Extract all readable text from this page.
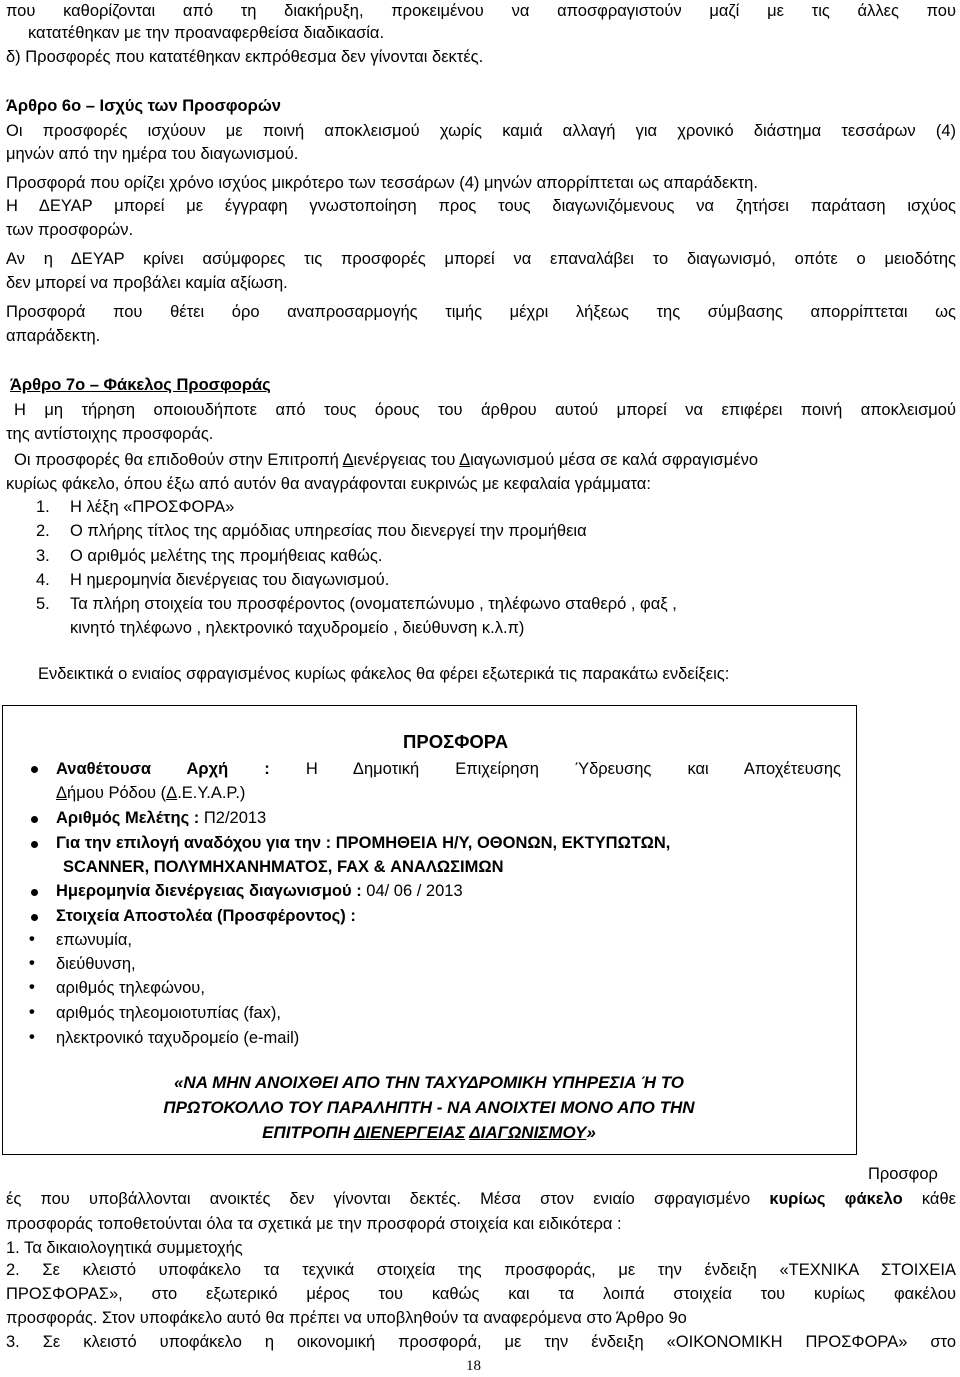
που καθορίζονται από τη διακήρυξη, προκειμένου να αποσφραγιστούν μαζί με τις άλλες που
κατατέθηκαν με την προαναφερθείσα διαδικασία.
δ) Προσφορές που κατατέθηκαν εκπρόθεσμα δεν γίνονται δεκτές.
Άρθρο 6ο – Ισχύς των Προσφορών
Οι προσφορές ισχύουν με ποινή αποκλεισμού χωρίς καμιά αλλαγή για χρονικό διάστημα τεσσάρων (4)
μηνών από την ημέρα του διαγωνισμού.
Προσφορά που ορίζει χρόνο ισχύος μικρότερο των τεσσάρων (4) μηνών απορρίπτεται ως απαράδεκτη.
Η ΔΕΥΑΡ μπορεί με έγγραφη γνωστοποίηση προς τους διαγωνιζόμενους να ζητήσει παράταση ισχύος
των προσφορών.
Αν η ΔΕΥΑΡ κρίνει ασύμφορες τις προσφορές μπορεί να επαναλάβει το διαγωνισμό, οπότε ο μειοδότης
δεν μπορεί να προβάλει καμία αξίωση.
Προσφορά που θέτει όρο αναπροσαρμογής τιμής μέχρι λήξεως της σύμβασης απορρίπτεται ως
απαράδεκτη.
Άρθρο 7ο – Φάκελος Προσφοράς
Η μη τήρηση οποιουδήποτε από τους όρους του άρθρου αυτού μπορεί να επιφέρει ποινή αποκλεισμού
της αντίστοιχης προσφοράς.
Οι προσφορές θα επιδοθούν στην Επιτροπή Διενέργειας του Διαγωνισμού μέσα σε καλά σφραγισμένο
κυρίως φάκελο, όπου έξω από αυτόν θα αναγράφονται ευκρινώς με κεφαλαία γράμματα:
1. Η λέξη «ΠΡΟΣΦΟΡΑ»
2. Ο πλήρης τίτλος της αρμόδιας υπηρεσίας που διενεργεί την προμήθεια
3. Ο αριθμός μελέτης της προμήθειας καθώς.
4. Η ημερομηνία διενέργειας του διαγωνισμού.
5. Τα πλήρη στοιχεία του προσφέροντος (ονοματεπώνυμο , τηλέφωνο σταθερό , φαξ ,
κινητό τηλέφωνο , ηλεκτρονικό ταχυδρομείο , διεύθυνση κ.λ.π)
Ενδεικτικά ο ενιαίος σφραγισμένος κυρίως φάκελος θα φέρει εξωτερικά τις παρακάτω ενδείξεις:
ΠΡΟΣΦΟΡΑ
Αναθέτουσα Αρχή : Η Δημοτική Επιχείρηση Ύδρευσης και Αποχέτευσης
Δήμου Ρόδου (Δ.Ε.Υ.Α.Ρ.)
Αριθμός Μελέτης : Π2/2013
Για την επιλογή αναδόχου για την : ΠΡΟΜΗΘΕΙΑ Η/Υ, ΟΘΟΝΩΝ, ΕΚΤΥΠΩΤΩΝ,
SCANNER, ΠΟΛΥΜΗΧΑΝΗΜΑΤΟΣ, FAX & ΑΝΑΛΩΣΙΜΩΝ
Ημερομηνία διενέργειας διαγωνισμού : 04/ 06 / 2013
Στοιχεία Αποστολέα (Προσφέροντος) :
• επωνυμία,
• διεύθυνση,
• αριθμός τηλεφώνου,
• αριθμός τηλεομοιοτυπίας (fax),
• ηλεκτρονικό ταχυδρομείο (e-mail)
«ΝΑ ΜΗΝ ΑΝΟΙΧΘΕΙ ΑΠΟ ΤΗΝ ΤΑΧΥΔΡΟΜΙΚΗ ΥΠΗΡΕΣΙΑ Ή ΤΟ
ΠΡΩΤΟΚΟΛΛΟ ΤΟΥ ΠΑΡΑΛΗΠΤΗ - ΝΑ ΑΝΟΙΧΤΕΙ ΜΟΝΟ ΑΠΟ ΤΗΝ
ΕΠΙΤΡΟΠΗ ΔΙΕΝΕΡΓΕΙΑΣ ΔΙΑΓΩΝΙΣΜΟΥ»
Προσφορ
ές που υποβάλλονται ανοικτές δεν γίνονται δεκτές. Μέσα στον ενιαίο σφραγισμένο κυρίως φάκελο κάθε
προσφοράς τοποθετούνται όλα τα σχετικά με την προσφορά στοιχεία και ειδικότερα :
1. Τα δικαιολογητικά συμμετοχής
2. Σε κλειστό υποφάκελο τα τεχνικά στοιχεία της προσφοράς, με την ένδειξη «ΤΕΧΝΙΚΑ ΣΤΟΙΧΕΙΑ
ΠΡΟΣΦΟΡΑΣ», στο εξωτερικό μέρος του καθώς και τα λοιπά στοιχεία του κυρίως φακέλου
προσφοράς. Στον υποφάκελο αυτό θα πρέπει να υποβληθούν τα αναφερόμενα στο Άρθρο 9ο
3. Σε κλειστό υποφάκελο η οικονομική προσφορά, με την ένδειξη «ΟΙΚΟΝΟΜΙΚΗ ΠΡΟΣΦΟΡΑ» στο
18
